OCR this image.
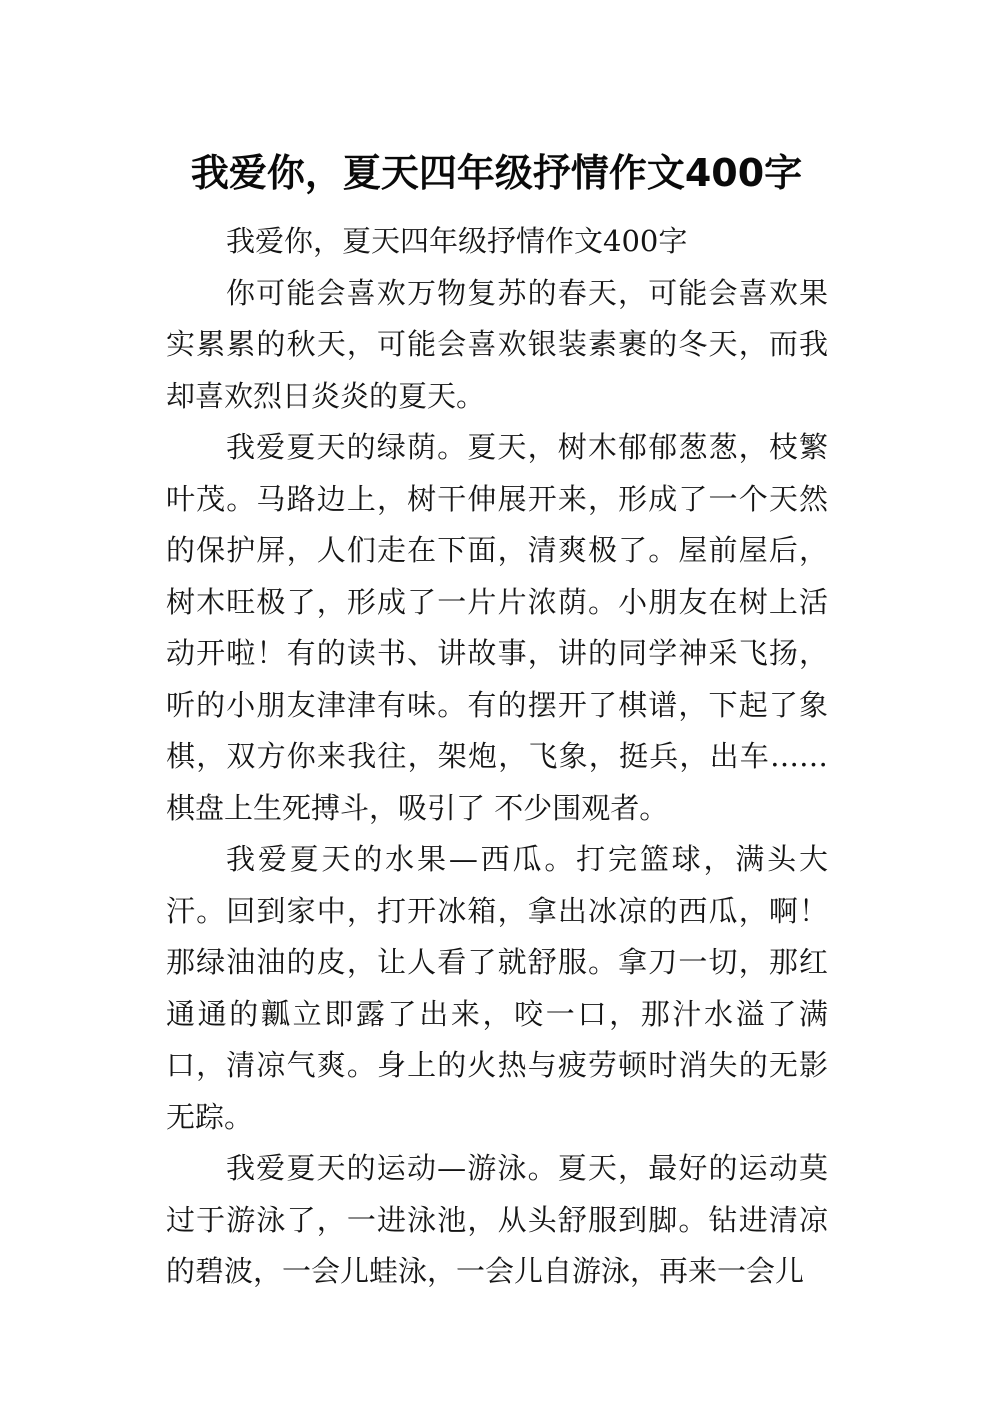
我爱你，夏天四年级抒情作文400字

我爱你，夏天四年级抒情作文400字

你可能会喜欢万物复苏的春天，可能会喜欢果实累累的秋天，可能会喜欢银装素裹的冬天，而我却喜欢烈日炎炎的夏天。

我爱夏天的绿荫。夏天，树木郁郁葱葱，枝繁叶茂。马路边上，树干伸展开来，形成了一个天然的保护屏，人们走在下面，清爽极了。屋前屋后，树木旺极了，形成了一片片浓荫。小朋友在树上活动开啦！有的读书、讲故事，讲的同学神采飞扬，听的小朋友津津有味。有的摆开了棋谱，下起了象棋，双方你来我往，架炮，飞象，挺兵，出车……棋盘上生死搏斗，吸引了 不少围观者。

我爱夏天的水果—西瓜。打完篮球，满头大汗。回到家中，打开冰箱，拿出冰凉的西瓜，啊！那绿油油的皮，让人看了就舒服。拿刀一切，那红通通的瓤立即露了出来，咬一口，那汁水溢了满口，清凉气爽。身上的火热与疲劳顿时消失的无影无踪。

我爱夏天的运动—游泳。夏天，最好的运动莫过于游泳了，一进泳池，从头舒服到脚。钻进清凉的碧波，一会儿蛙泳，一会儿自游泳，再来一会儿
